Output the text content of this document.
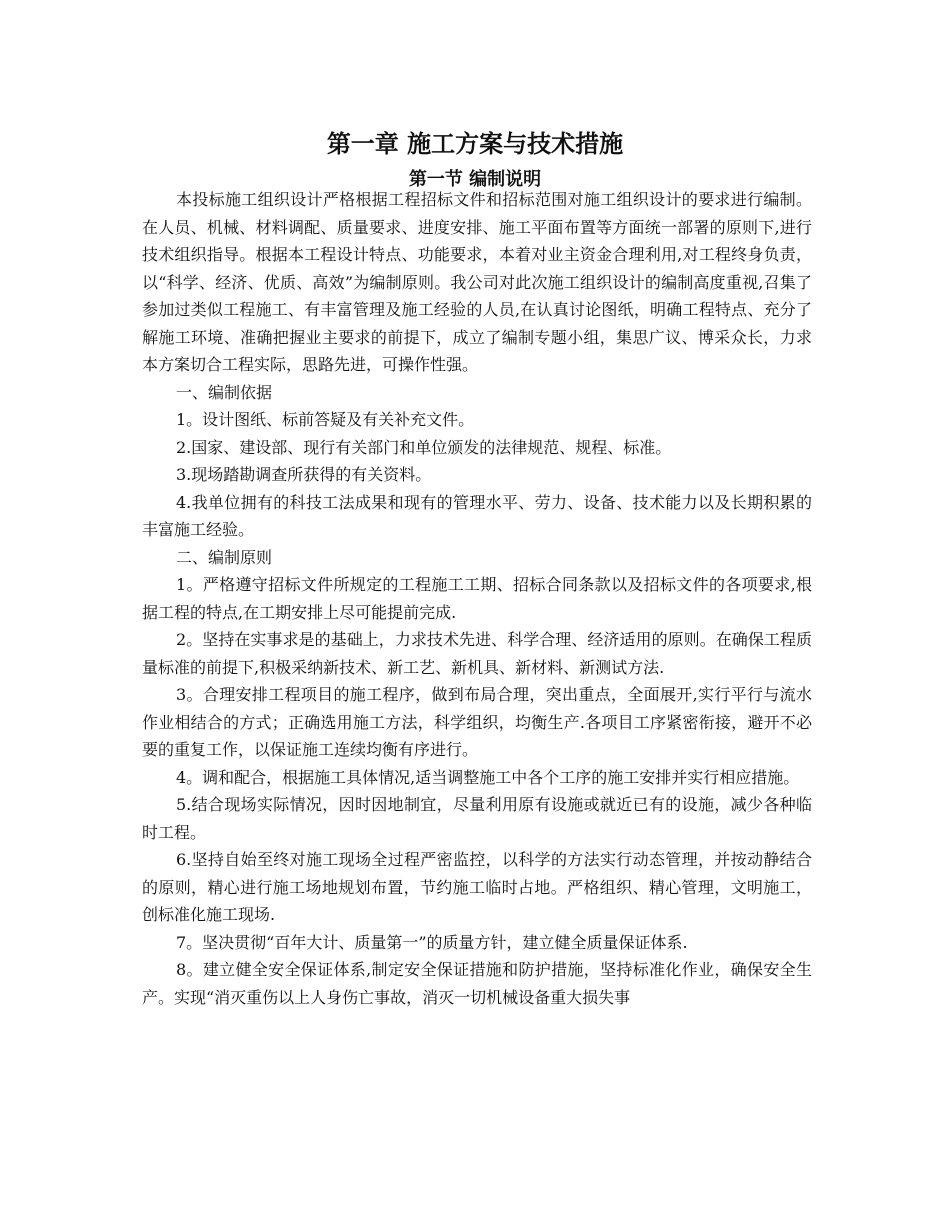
第一章 施工方案与技术措施
第一节 编制说明

本投标施工组织设计严格根据工程招标文件和招标范围对施工组织设计的要求进行编制。在人员、机械、材料调配、质量要求、进度安排、施工平面布置等方面统一部署的原则下,进行技术组织指导。根据本工程设计特点、功能要求，本着对业主资金合理利用,对工程终身负责，以“科学、经济、优质、高效”为编制原则。我公司对此次施工组织设计的编制高度重视,召集了参加过类似工程施工、有丰富管理及施工经验的人员,在认真讨论图纸，明确工程特点、充分了解施工环境、准确把握业主要求的前提下，成立了编制专题小组，集思广议、博采众长，力求本方案切合工程实际，思路先进，可操作性强。

一、编制依据

1。设计图纸、标前答疑及有关补充文件。

2.国家、建设部、现行有关部门和单位颁发的法律规范、规程、标准。

3.现场踏勘调查所获得的有关资料。

4.我单位拥有的科技工法成果和现有的管理水平、劳力、设备、技术能力以及长期积累的丰富施工经验。

二、编制原则

1。严格遵守招标文件所规定的工程施工工期、招标合同条款以及招标文件的各项要求,根据工程的特点,在工期安排上尽可能提前完成.

2。坚持在实事求是的基础上，力求技术先进、科学合理、经济适用的原则。在确保工程质量标准的前提下,积极采纳新技术、新工艺、新机具、新材料、新测试方法.

3。合理安排工程项目的施工程序，做到布局合理，突出重点，全面展开,实行平行与流水作业相结合的方式；正确选用施工方法，科学组织，均衡生产.各项目工序紧密衔接，避开不必要的重复工作，以保证施工连续均衡有序进行。

4。调和配合，根据施工具体情况,适当调整施工中各个工序的施工安排并实行相应措施。

5.结合现场实际情况，因时因地制宜，尽量利用原有设施或就近已有的设施，减少各种临时工程。

6.坚持自始至终对施工现场全过程严密监控，以科学的方法实行动态管理，并按动静结合的原则，精心进行施工场地规划布置，节约施工临时占地。严格组织、精心管理，文明施工，创标准化施工现场.

7。坚决贯彻“百年大计、质量第一”的质量方针，建立健全质量保证体系.

8。建立健全安全保证体系,制定安全保证措施和防护措施，坚持标准化作业，确保安全生产。实现“消灭重伤以上人身伤亡事故，消灭一切机械设备重大损失事
